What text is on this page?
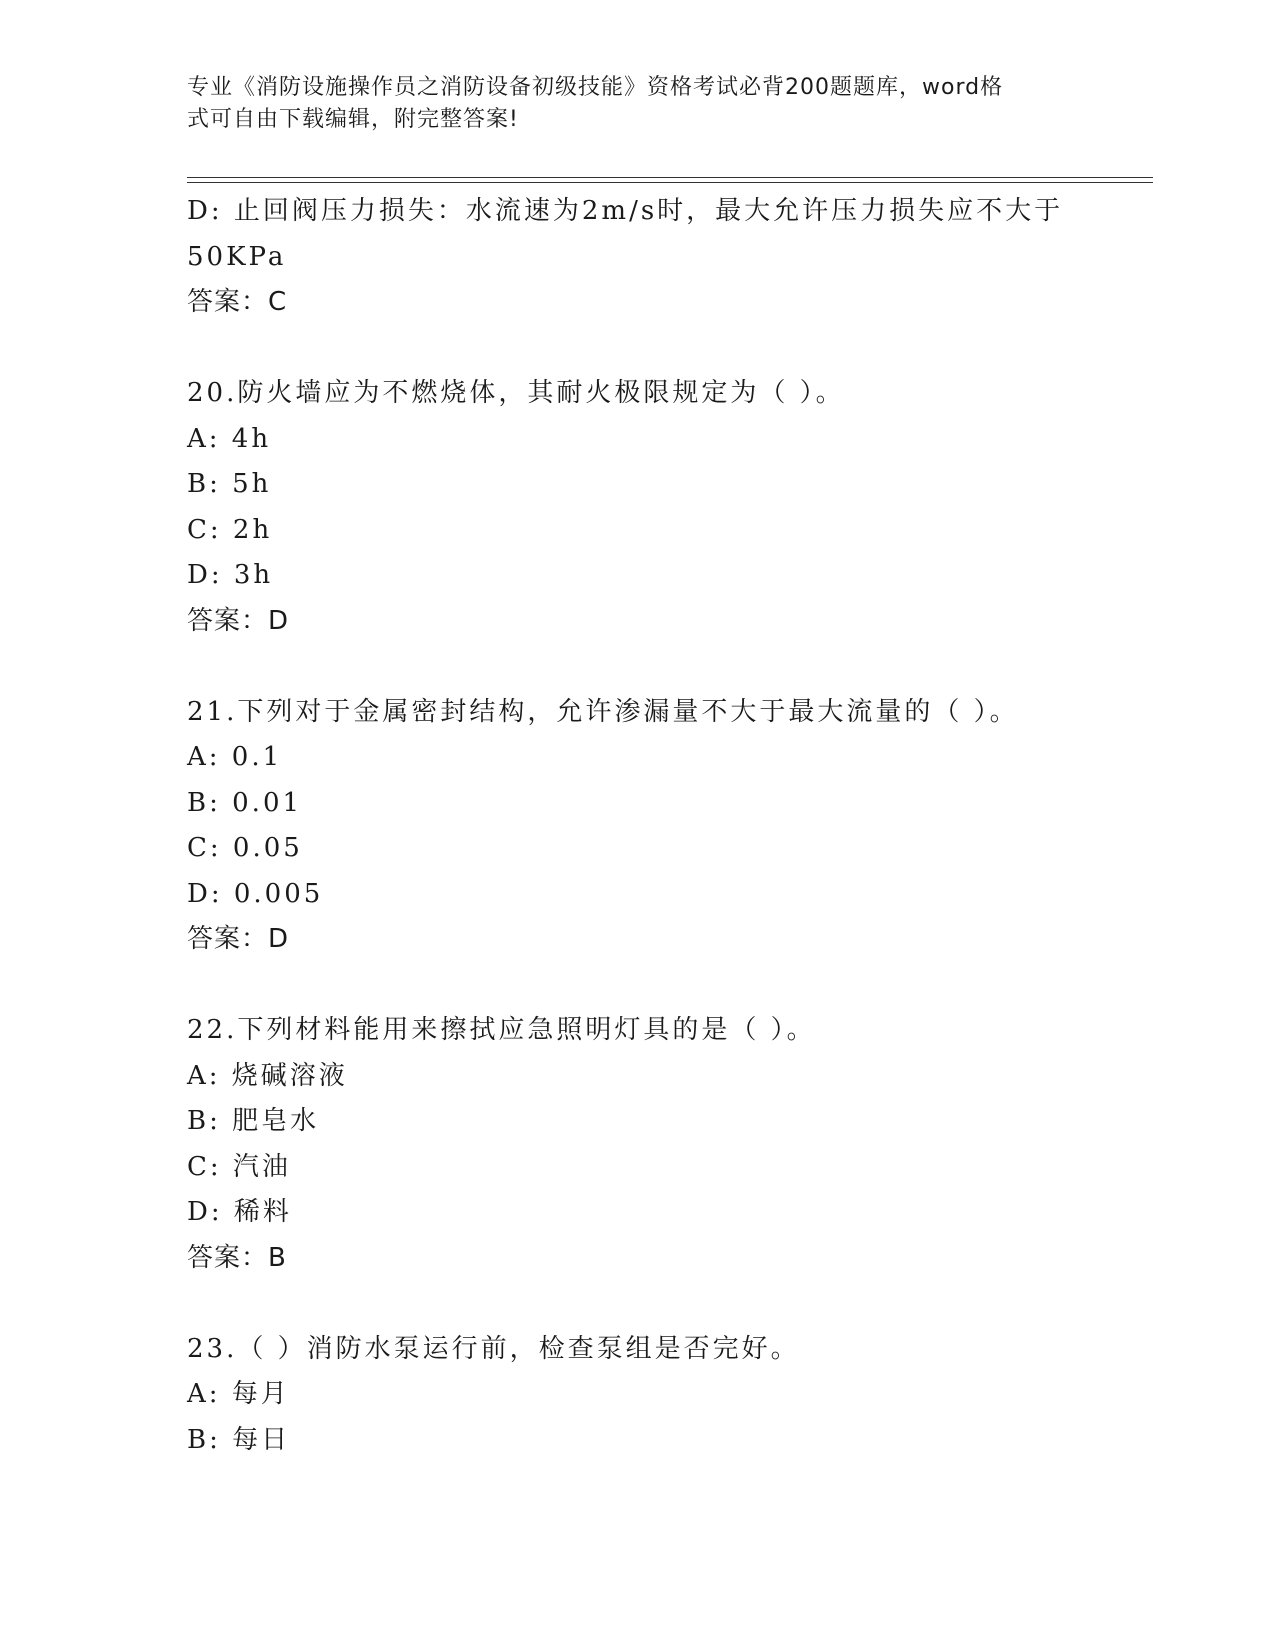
专业《消防设施操作员之消防设备初级技能》资格考试必背200题题库，word格
式可自由下载编辑，附完整答案!
D: 止回阀压力损失：水流速为2m/s时，最大允许压力损失应不大于
50KPa
答案：C
20.防火墙应为不燃烧体，其耐火极限规定为（ ）。
A: 4h
B: 5h
C: 2h
D: 3h
答案：D
21.下列对于金属密封结构，允许渗漏量不大于最大流量的（ ）。
A: 0.1
B: 0.01
C: 0.05
D: 0.005
答案：D
22.下列材料能用来擦拭应急照明灯具的是（ ）。
A: 烧碱溶液
B: 肥皂水
C: 汽油
D: 稀料
答案：B
23.（ ）消防水泵运行前，检查泵组是否完好。
A: 每月
B: 每日
